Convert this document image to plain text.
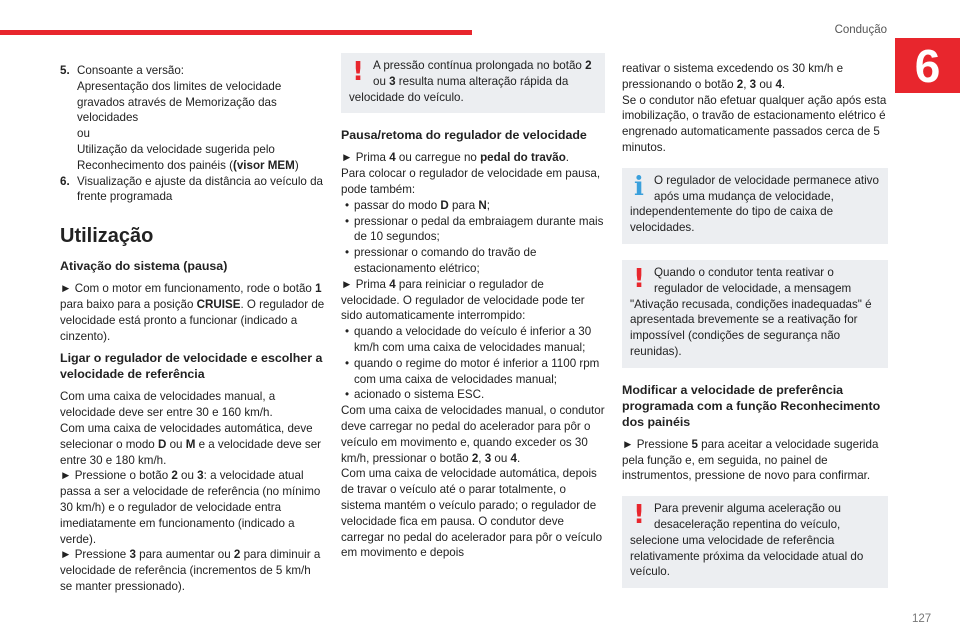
Condução
6
127
5. Consoante a versão:

Apresentação dos limites de velocidade gravados através de Memorização das velocidades

ou

Utilização da velocidade sugerida pelo Reconhecimento dos painéis ((visor MEM)

6. Visualização e ajuste da distância ao veículo da frente programada

Utilização
Ativação do sistema (pausa)

► Com o motor em funcionamento, rode o botão 1 para baixo para a posição CRUISE. O regulador de velocidade está pronto a funcionar (indicado a cinzento).

Ligar o regulador de velocidade e escolher a velocidade de referência

Com uma caixa de velocidades manual, a velocidade deve ser entre 30 e 160 km/h.

Com uma caixa de velocidades automática, deve selecionar o modo D ou M e a velocidade deve ser entre 30 e 180 km/h.

► Pressione o botão 2 ou 3: a velocidade atual passa a ser a velocidade de referência (no mínimo 30 km/h) e o regulador de velocidade entra imediatamente em funcionamento (indicado a verde).

► Pressione 3 para aumentar ou 2 para diminuir a velocidade de referência (incrementos de 5 km/h se manter pressionado).

! A pressão contínua prolongada no botão 2 ou 3 resulta numa alteração rápida da velocidade do veículo.
Pausa/retoma do regulador de velocidade

► Prima 4 ou carregue no pedal do travão.

Para colocar o regulador de velocidade em pausa, pode também:

• passar do modo D para N;
• pressionar o pedal da embraiagem durante mais de 10 segundos;
• pressionar o comando do travão de estacionamento elétrico;

► Prima 4 para reiniciar o regulador de velocidade. O regulador de velocidade pode ter sido automaticamente interrompido:

• quando a velocidade do veículo é inferior a 30 km/h com uma caixa de velocidades manual;
• quando o regime do motor é inferior a 1100 rpm com uma caixa de velocidades manual;
• acionado o sistema ESC.

Com uma caixa de velocidades manual, o condutor deve carregar no pedal do acelerador para pôr o veículo em movimento e, quando exceder os 30 km/h, pressionar o botão 2, 3 ou 4.

Com uma caixa de velocidade automática, depois de travar o veículo até o parar totalmente, o sistema mantém o veículo parado; o regulador de velocidade fica em pausa. O condutor deve carregar no pedal do acelerador para pôr o veículo em movimento e depois

reativar o sistema excedendo os 30 km/h e pressionando o botão 2, 3 ou 4.

Se o condutor não efetuar qualquer ação após esta imobilização, o travão de estacionamento elétrico é engrenado automaticamente passados cerca de 5 minutos.

i O regulador de velocidade permanece ativo após uma mudança de velocidade, independentemente do tipo de caixa de velocidades.
! Quando o condutor tenta reativar o regulador de velocidade, a mensagem "Ativação recusada, condições inadequadas" é apresentada brevemente se a reativação for impossível (condições de segurança não reunidas).
Modificar a velocidade de preferência programada com a função Reconhecimento dos painéis

► Pressione 5 para aceitar a velocidade sugerida pela função e, em seguida, no painel de instrumentos, pressione de novo para confirmar.

! Para prevenir alguma aceleração ou desaceleração repentina do veículo, selecione uma velocidade de referência relativamente próxima da velocidade atual do veículo.
